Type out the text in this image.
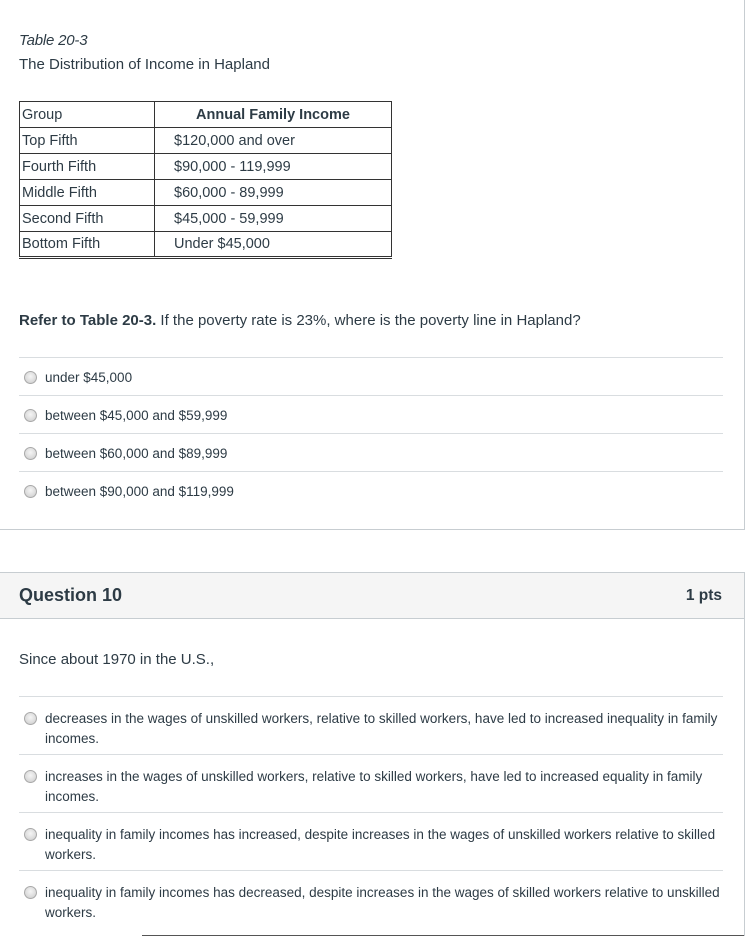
Table 20-3
The Distribution of Income in Hapland
Group	Annual Family Income
Top Fifth	$120,000 and over
Fourth Fifth	$90,000 - 119,999
Middle Fifth	$60,000 - 89,999
Second Fifth	$45,000 - 59,999
Bottom Fifth	Under $45,000
Refer to Table 20-3. If the poverty rate is 23%, where is the poverty line in Hapland?
under $45,000
between $45,000 and $59,999
between $60,000 and $89,999
between $90,000 and $119,999
Question 10	1 pts
Since about 1970 in the U.S.,
decreases in the wages of unskilled workers, relative to skilled workers, have led to increased inequality in family incomes.
increases in the wages of unskilled workers, relative to skilled workers, have led to increased equality in family incomes.
inequality in family incomes has increased, despite increases in the wages of unskilled workers relative to skilled workers.
inequality in family incomes has decreased, despite increases in the wages of skilled workers relative to unskilled workers.
